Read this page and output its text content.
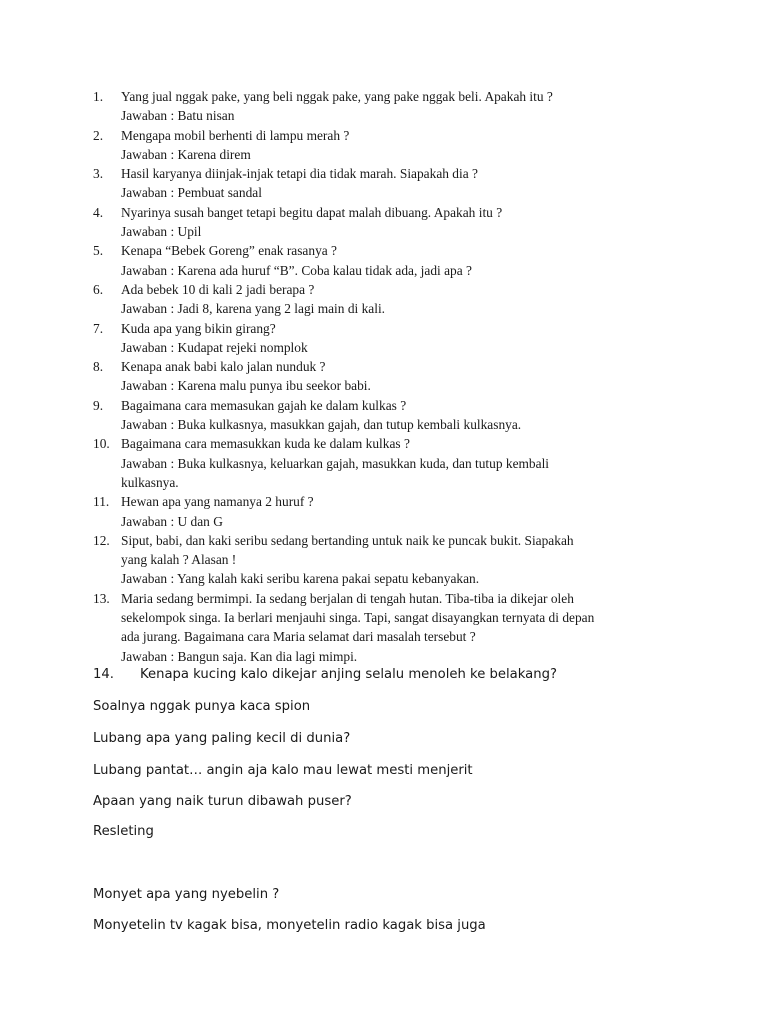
1. Yang jual nggak pake, yang beli nggak pake, yang pake nggak beli. Apakah itu ?
Jawaban : Batu nisan
2. Mengapa mobil berhenti di lampu merah ?
Jawaban : Karena direm
3. Hasil karyanya diinjak-injak tetapi dia tidak marah. Siapakah dia ?
Jawaban : Pembuat sandal
4. Nyarinya susah banget tetapi begitu dapat malah dibuang. Apakah itu ?
Jawaban : Upil
5. Kenapa “Bebek Goreng” enak rasanya ?
Jawaban : Karena ada huruf “B”. Coba kalau tidak ada, jadi apa ?
6. Ada bebek 10 di kali 2 jadi berapa ?
Jawaban : Jadi 8, karena yang 2 lagi main di kali.
7. Kuda apa yang bikin girang?
Jawaban : Kudapat rejeki nomplok
8. Kenapa anak babi kalo jalan nunduk ?
Jawaban : Karena malu punya ibu seekor babi.
9. Bagaimana cara memasukan gajah ke dalam kulkas ?
Jawaban : Buka kulkasnya, masukkan gajah, dan tutup kembali kulkasnya.
10. Bagaimana cara memasukkan kuda ke dalam kulkas ?
Jawaban : Buka kulkasnya, keluarkan gajah, masukkan kuda, dan tutup kembali
kulkasnya.
11. Hewan apa yang namanya 2 huruf ?
Jawaban : U dan G
12. Siput, babi, dan kaki seribu sedang bertanding untuk naik ke puncak bukit. Siapakah
yang kalah ? Alasan !
Jawaban : Yang kalah kaki seribu karena pakai sepatu kebanyakan.
13. Maria sedang bermimpi. Ia sedang berjalan di tengah hutan. Tiba-tiba ia dikejar oleh
sekelompok singa. Ia berlari menjauhi singa. Tapi, sangat disayangkan ternyata di depan
ada jurang. Bagaimana cara Maria selamat dari masalah tersebut ?
Jawaban : Bangun saja. Kan dia lagi mimpi.
14. Kenapa kucing kalo dikejar anjing selalu menoleh ke belakang?
Soalnya nggak punya kaca spion
Lubang apa yang paling kecil di dunia?
Lubang pantat… angin aja kalo mau lewat mesti menjerit
Apaan yang naik turun dibawah puser?
Resleting
Monyet apa yang nyebelin ?
Monyetelin tv kagak bisa, monyetelin radio kagak bisa juga
